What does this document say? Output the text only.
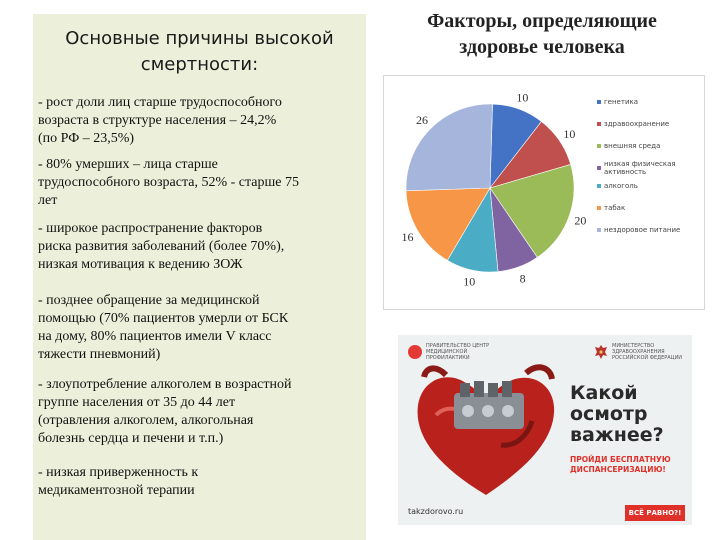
Основные причины высокой
смертности:
- рост доли лиц старше трудоспособного
возраста в структуре населения – 24,2%
(по РФ – 23,5%)
- 80% умерших – лица старше
трудоспособного возраста, 52% - старше 75
лет
- широкое распространение факторов
риска развития заболеваний (более 70%),
низкая мотивация к ведению ЗОЖ
- позднее обращение за медицинской
помощью (70% пациентов умерли от БСК
на дому, 80% пациентов имели V класс
тяжести пневмоний)
- злоупотребление алкоголем в возрастной
группе населения от 35 до 44 лет
(отравления алкоголем, алкогольная
болезнь сердца и печени и т.п.)
- низкая приверженность к
медикаментозной терапии
Факторы, определяющие
здоровье человека
10
10
20
8
10
16
26
генетика
здравоохранение
внешняя среда
низкая физическая активность
алкоголь
табак
нездоровое питание
ПРАВИТЕЛЬСТВО ЦЕНТР МЕДИЦИНСКОЙ ПРОФИЛАКТИКИ
МИНИСТЕРСТВО ЗДРАВООХРАНЕНИЯ РОССИЙСКОЙ ФЕДЕРАЦИИ
Какой
осмотр
важнее?
ПРОЙДИ БЕСПЛАТНУЮ
ДИСПАНСЕРИЗАЦИЮ!
takzdorovo.ru	ВСЁ РАВНО?!
